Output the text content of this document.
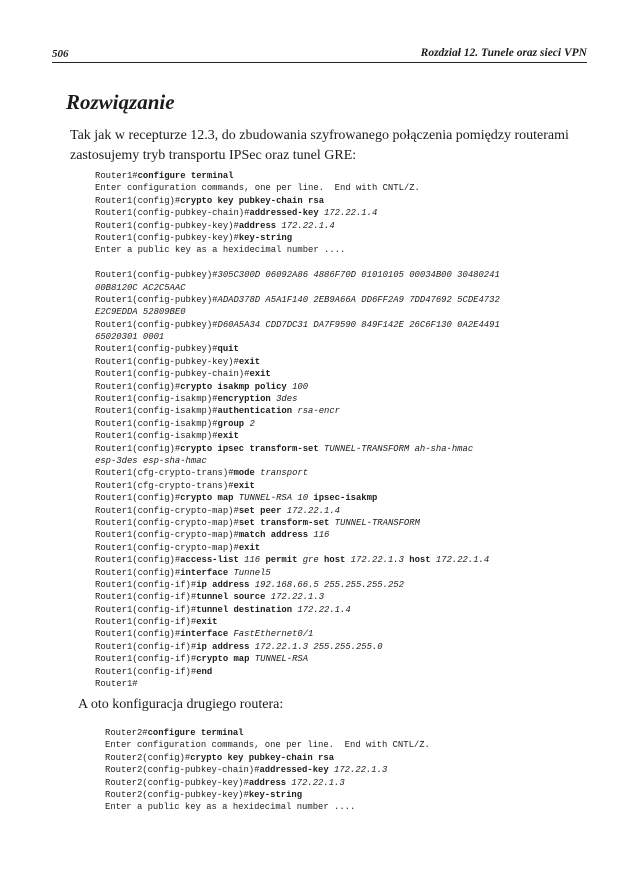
506	Rozdział 12. Tunele oraz sieci VPN
Rozwiązanie

Tak jak w recepturze 12.3, do zbudowania szyfrowanego połączenia pomiędzy routerami zastosujemy tryb transportu IPSec oraz tunel GRE:

Router1#configure terminal
Enter configuration commands, one per line.  End with CNTL/Z.
Router1(config)#crypto key pubkey-chain rsa
Router1(config-pubkey-chain)#addressed-key 172.22.1.4
Router1(config-pubkey-key)#address 172.22.1.4
Router1(config-pubkey-key)#key-string
Enter a public key as a hexidecimal number ....
Router1(config-pubkey)#305C300D 06092A86 4886F70D 01010105 00034B00 30480241
00B8120C AC2C5AAC
Router1(config-pubkey)#ADAD378D A5A1F140 2EB9A66A DD6FF2A9 7DD47692 5CDE4732
E2C9EDDA 52809BE0
Router1(config-pubkey)#D60A5A34 CDD7DC31 DA7F9590 849F142E 26C6F130 0A2E4491
65020301 0001
Router1(config-pubkey)#quit
Router1(config-pubkey-key)#exit
Router1(config-pubkey-chain)#exit
Router1(config)#crypto isakmp policy 100
Router1(config-isakmp)#encryption 3des
Router1(config-isakmp)#authentication rsa-encr
Router1(config-isakmp)#group 2
Router1(config-isakmp)#exit
Router1(config)#crypto ipsec transform-set TUNNEL-TRANSFORM ah-sha-hmac
esp-3des esp-sha-hmac
Router1(cfg-crypto-trans)#mode transport
Router1(cfg-crypto-trans)#exit
Router1(config)#crypto map TUNNEL-RSA 10 ipsec-isakmp
Router1(config-crypto-map)#set peer 172.22.1.4
Router1(config-crypto-map)#set transform-set TUNNEL-TRANSFORM
Router1(config-crypto-map)#match address 116
Router1(config-crypto-map)#exit
Router1(config)#access-list 116 permit gre host 172.22.1.3 host 172.22.1.4
Router1(config)#interface Tunnel5
Router1(config-if)#ip address 192.168.66.5 255.255.255.252
Router1(config-if)#tunnel source 172.22.1.3
Router1(config-if)#tunnel destination 172.22.1.4
Router1(config-if)#exit
Router1(config)#interface FastEthernet0/1
Router1(config-if)#ip address 172.22.1.3 255.255.255.0
Router1(config-if)#crypto map TUNNEL-RSA
Router1(config-if)#end
Router1#

A oto konfiguracja drugiego routera:

Router2#configure terminal
Enter configuration commands, one per line.  End with CNTL/Z.
Router2(config)#crypto key pubkey-chain rsa
Router2(config-pubkey-chain)#addressed-key 172.22.1.3
Router2(config-pubkey-key)#address 172.22.1.3
Router2(config-pubkey-key)#key-string
Enter a public key as a hexidecimal number ....
